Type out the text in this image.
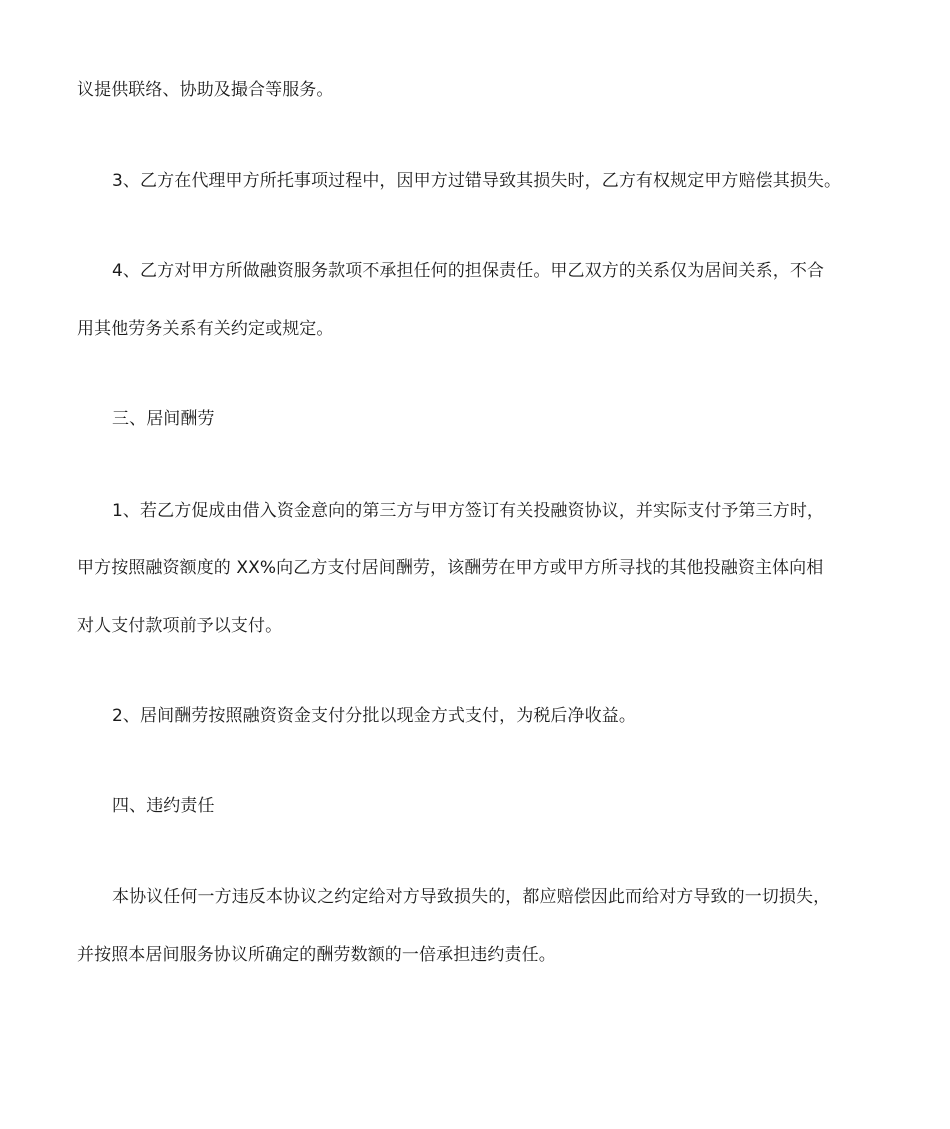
议提供联络、协助及撮合等服务。
3、乙方在代理甲方所托事项过程中，因甲方过错导致其损失时，乙方有权规定甲方赔偿其损失。
4、乙方对甲方所做融资服务款项不承担任何的担保责任。甲乙双方的关系仅为居间关系，不合
用其他劳务关系有关约定或规定。
三、居间酬劳
1、若乙方促成由借入资金意向的第三方与甲方签订有关投融资协议，并实际支付予第三方时，
甲方按照融资额度的 XX%向乙方支付居间酬劳，该酬劳在甲方或甲方所寻找的其他投融资主体向相
对人支付款项前予以支付。
2、居间酬劳按照融资资金支付分批以现金方式支付，为税后净收益。
四、违约责任
本协议任何一方违反本协议之约定给对方导致损失的，都应赔偿因此而给对方导致的一切损失，
并按照本居间服务协议所确定的酬劳数额的一倍承担违约责任。
